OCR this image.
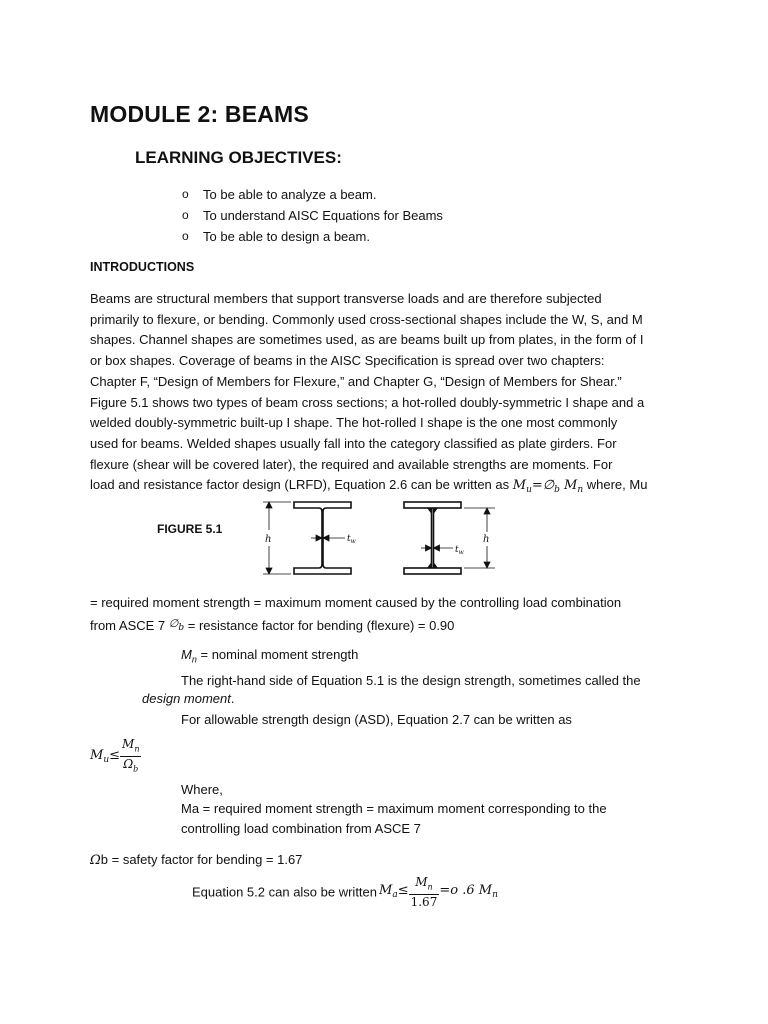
MODULE 2: BEAMS
LEARNING OBJECTIVES:
o To be able to analyze a beam.
o To understand AISC Equations for Beams
o To be able to design a beam.
INTRODUCTIONS
Beams are structural members that support transverse loads and are therefore subjected
primarily to flexure, or bending. Commonly used cross-sectional shapes include the W, S, and M
shapes. Channel shapes are sometimes used, as are beams built up from plates, in the form of I
or box shapes. Coverage of beams in the AISC Specification is spread over two chapters:
Chapter F, “Design of Members for Flexure,” and Chapter G, “Design of Members for Shear.”
Figure 5.1 shows two types of beam cross sections; a hot-rolled doubly-symmetric I shape and a
welded doubly-symmetric built-up I shape. The hot-rolled I shape is the one most commonly
used for beams. Welded shapes usually fall into the category classified as plate girders. For
flexure (shear will be covered later), the required and available strengths are moments. For
load and resistance factor design (LRFD), Equation 2.6 can be written as $M_u=\emptyset_b$ $M_n$ where, Mu
FIGURE 5.1
h	$t_w$
$t_w$
h
= required moment strength = maximum moment caused by the controlling load combination
from ASCE 7 $^{\emptyset_b}$ = resistance factor for bending (flexure) = 0.90
$M_n$ = nominal moment strength
The right-hand side of Equation 5.1 is the design strength, sometimes called the
design moment.
For allowable strength design (ASD), Equation 2.7 can be written as
$M_u\le \frac{M_n}{\Omega_b}$
Where,
Ma = required moment strength = maximum moment corresponding to the
controlling load combination from ASCE 7
Ωb = safety factor for bending = 1.67
Equation 5.2 can also be written $M_a\le \frac{M_n}{1.67} =o$ .6 $M_n$
